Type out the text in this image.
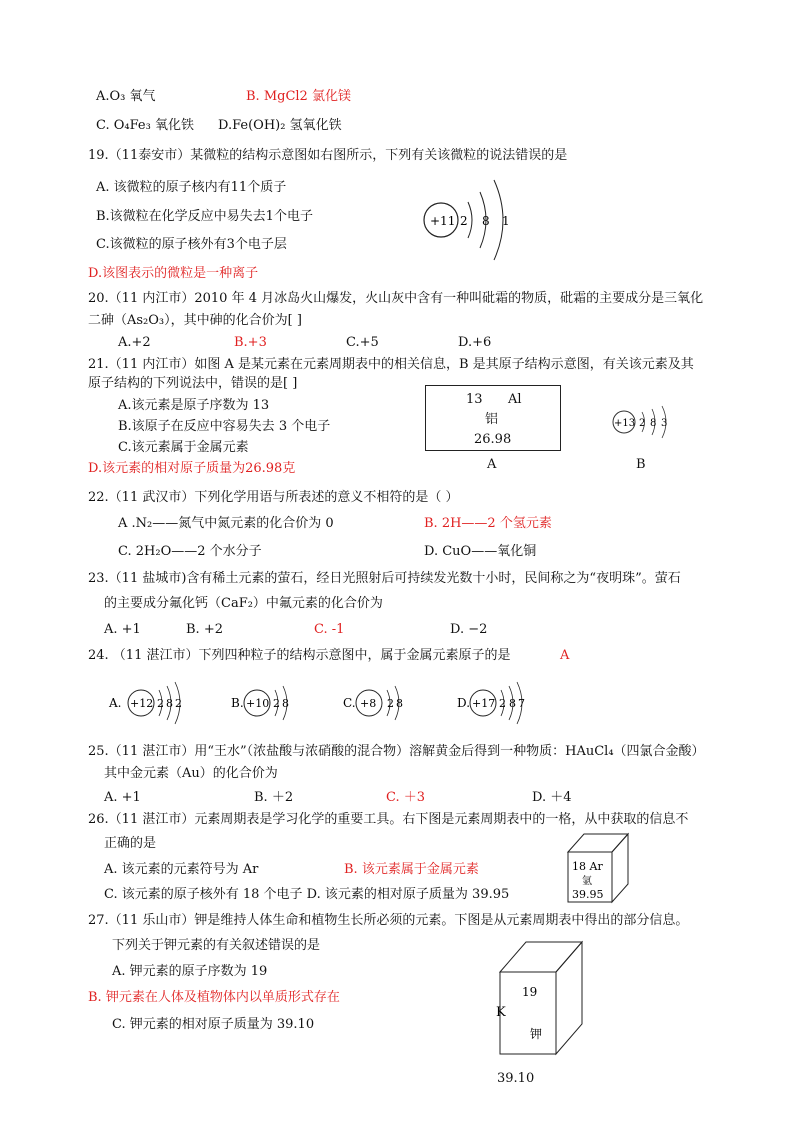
A.O₃ 氧气	B. MgCl2 氯化镁
C. O₄Fe₃ 氧化铁 D.Fe(OH)₂ 氢氧化铁
19.（11泰安市）某微粒的结构示意图如右图所示，下列有关该微粒的说法错误的是
A. 该微粒的原子核内有11个质子
B.该微粒在化学反应中易失去1个电子
C.该微粒的原子核外有3个电子层
D.该图表示的微粒是一种离子
+11 2 8 1
20.（11 内江市）2010 年 4 月冰岛火山爆发，火山灰中含有一种叫砒霜的物质，砒霜的主要成分是三氧化
二砷（As₂O₃），其中砷的化合价为[ ]
A.+2	B.+3	C.+5	D.+6
21.（11 内江市）如图 A 是某元素在元素周期表中的相关信息，B 是其原子结构示意图，有关该元素及其
原子结构的下列说法中，错误的是[ ]
A.该元素是原子序数为 13
B.该原子在反应中容易失去 3 个电子
C.该元素属于金属元素
D.该元素的相对原子质量为26.98克
13 Al
铝
26.98
A
+13 2 8 3
B
22.（11 武汉市）下列化学用语与所表述的意义不相符的是（ ）
A .N₂——氮气中氮元素的化合价为 0	B. 2H——2 个氢元素
C. 2H₂O——2 个水分子	D. CuO——氧化铜
23.（11 盐城市)含有稀土元素的萤石，经日光照射后可持续发光数十小时，民间称之为“夜明珠”。萤石
的主要成分氟化钙（CaF₂）中氟元素的化合价为
A. +1	B. +2	C. -1	D. −2
24. （11 湛江市）下列四种粒子的结构示意图中，属于金属元素原子的是	A
A. +12 2 8 2	B. +10 2 8	C. +8 2 8	D. +17 2 8 7
25.（11 湛江市）用“王水”（浓盐酸与浓硝酸的混合物）溶解黄金后得到一种物质：HAuCl₄（四氯合金酸）
其中金元素（Au）的化合价为
A. +1	B. ＋2	C. ＋3	D. ＋4
26.（11 湛江市）元素周期表是学习化学的重要工具。右下图是元素周期表中的一格，从中获取的信息不
正确的是
A. 该元素的元素符号为 Ar	B. 该元素属于金属元素
C. 该元素的原子核外有 18 个电子 D. 该元素的相对原子质量为 39.95
18 Ar
氩
39.95
27.（11 乐山市）钾是维持人体生命和植物生长所必须的元素。下图是从元素周期表中得出的部分信息。
下列关于钾元素的有关叙述错误的是
A. 钾元素的原子序数为 19
B. 钾元素在人体及植物体内以单质形式存在
C. 钾元素的相对原子质量为 39.10
19
K
钾
39.10
